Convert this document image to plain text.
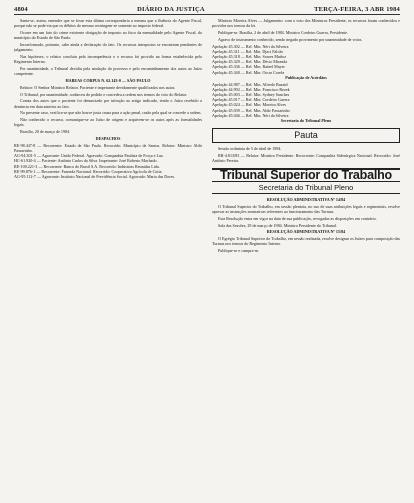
4804	DIÁRIO DA JUSTIÇA	TERÇA-FEIRA, 3 ABR 1984

Santa-se, assim, entender que se fosse esta última corresponderia a mesma que a fluência do Agente Fiscal, porque não se pode-ria que os débitos do mesmo restringem-se somente ao imposto federal.

Ocorre em um fato do crime existente obrigação de imposto ao fisco da mensalidade pelo Agente Fiscal, do município do Estado de São Paulo.

Inconformado, portanto, cabe ainda a declaração do fato. Os recursos interpostos se encontram pendentes de julgamento.

Nas hipóteses, o relator concluiu pela incompetência e o recurso foi provido na forma estabelecida pelo Regimento Interno.

Por unanimidade, o Tribunal decidiu pela anulação do processo e pelo encaminhamento dos autos ao Juízo competente.

HABEAS CORPUS N. 62.143-0 — SÃO PAULO

Relator: O Senhor Ministro Relator. Paciente e impetrante devidamente qualificados nos autos.

O Tribunal, por unanimidade, conheceu do pedido e concedeu a ordem nos termos do voto do Relator.

Consta dos autos que o paciente foi denunciado por infração ao artigo indicado, tendo o Juízo recebido a denúncia em data anterior ao fato.

No presente caso, verifica-se que não houve justa causa para a ação penal, razão pela qual se concede a ordem.

Não conhecido o recurso, comunique-se ao Juízo de origem e arquivem-se os autos após as formalidades legais.

Brasília, 20 de março de 1984.

DESPACHOS

RE-98.447-8 — Recorrente: Estado de São Paulo. Recorrido: Município de Santos. Relator: Ministro Aldir Passarinho.

AG-94.301-5 — Agravante: União Federal. Agravado: Companhia Paulista de Força e Luz.

HC-61.920-4 — Paciente: Antônio Carlos da Silva. Impetrante: José Roberto Machado.

RE-100.221-3 — Recorrente: Banco do Brasil S.A. Recorrido: Indústrias Reunidas Ltda.

RE-99.876-1 — Recorrente: Fazenda Nacional. Recorrido: Cooperativa Agrícola de Cotia.

AG-95.112-7 — Agravante: Instituto Nacional de Previdência Social. Agravado: Maria das Dores.

Ministro Moreira Alves — Julgamento: com o voto dos Ministros Presidente, os recursos foram conhecidos e providos nos termos da lei.

Publique-se. Brasília, 2 de abril de 1984. Ministro Cordeiro Guerra, Presidente.

Agravo de instrumento conhecido, sendo negado provimento por unanimidade de votos.

Apelação 45.302 — Rel. Min. Néri da Silveira

Apelação 45.311 — Rel. Min. Djaci Falcão

Apelação 45.318 — Rel. Min. Soares Muñoz

Apelação 45.329 — Rel. Min. Décio Miranda

Apelação 45.336 — Rel. Min. Rafael Mayer

Apelação 45.340 — Rel. Min. Oscar Corrêa

Publicação de Acórdãos

Apelação 44.987 — Rel. Min. Alfredo Buzaid

Apelação 44.992 — Rel. Min. Francisco Rezek

Apelação 45.003 — Rel. Min. Sydney Sanches

Apelação 45.017 — Rel. Min. Cordeiro Guerra

Apelação 45.024 — Rel. Min. Moreira Alves

Apelação 45.039 — Rel. Min. Aldir Passarinho

Apelação 45.046 — Rel. Min. Néri da Silveira

Secretaria do Tribunal Pleno

Pauta

Sessão ordinária de 5 de abril de 1984.

RR-4.813/83 — Relator: Ministro Presidente. Recorrente: Companhia Siderúrgica Nacional. Recorrido: José Antônio Pereira.

Tribunal Superior do Trabalho
Secretaria do Tribunal Pleno

RESOLUÇÃO ADMINISTRATIVA Nº 14/84

O Tribunal Superior do Trabalho, em sessão plenária, no uso de suas atribuições legais e regimentais, resolve aprovar as instruções normativas referentes ao funcionamento das Turmas.

Esta Resolução entra em vigor na data de sua publicação, revogadas as disposições em contrário.

Sala das Sessões, 29 de março de 1984. Ministro Presidente do Tribunal.

RESOLUÇÃO ADMINISTRATIVA Nº 15/84

O Egrégio Tribunal Superior do Trabalho, em sessão realizada, resolve designar os Juízes para composição das Turmas nos termos do Regimento Interno.

Publique-se e cumpra-se.
